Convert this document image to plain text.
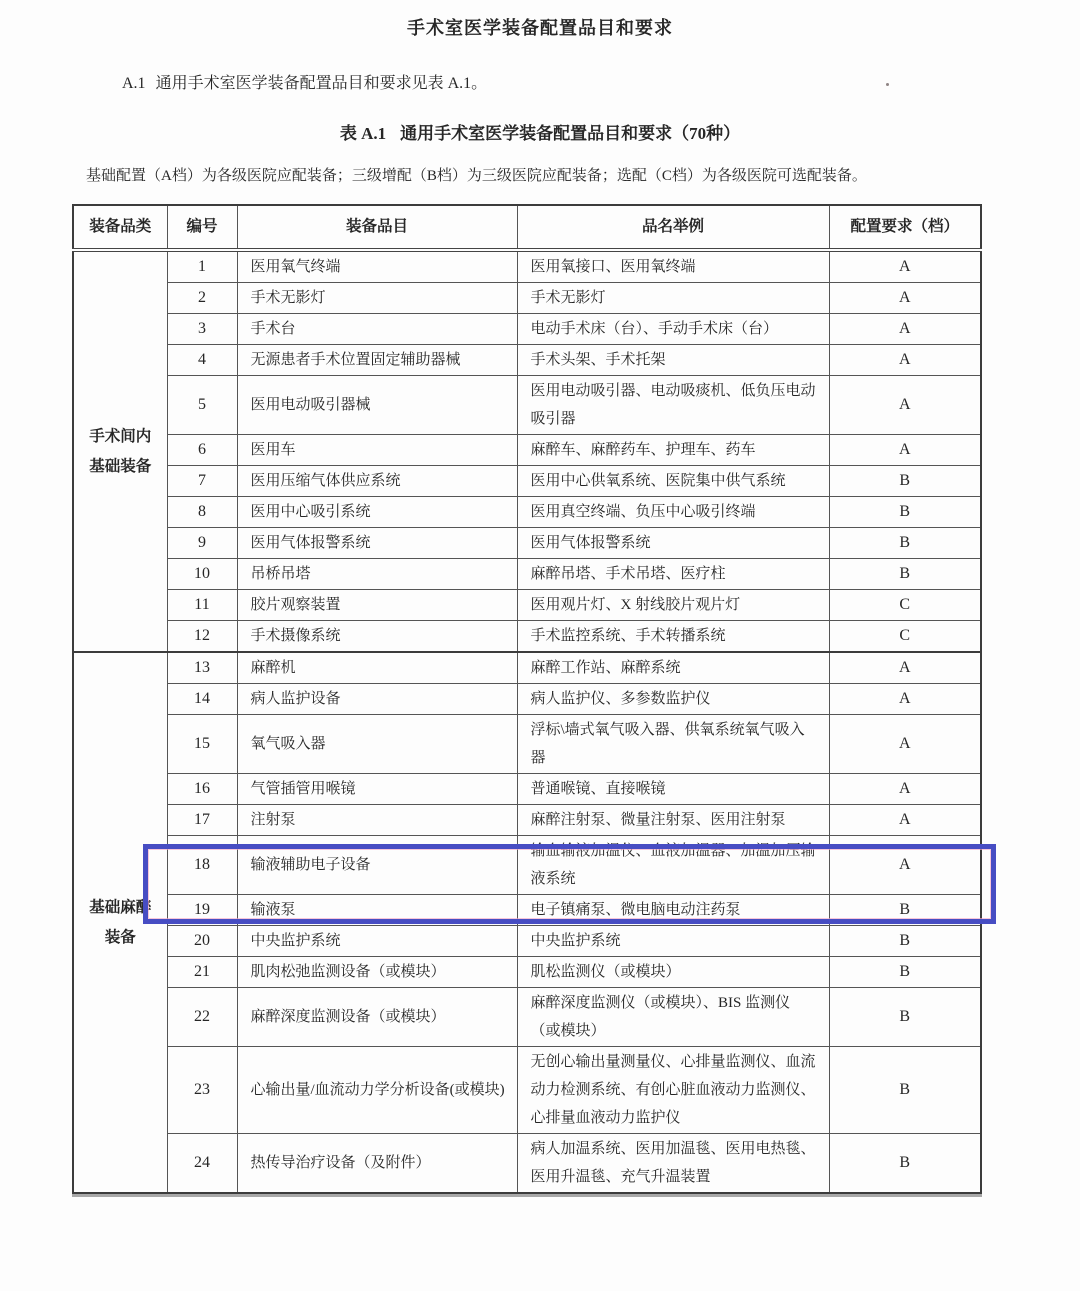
手术室医学装备配置品目和要求
A.1 通用手术室医学装备配置品目和要求见表 A.1。
表 A.1 通用手术室医学装备配置品目和要求（70种）
基础配置（A档）为各级医院应配装备；三级增配（B档）为三级医院应配装备；选配（C档）为各级医院可选配装备。
装备品类	编号	装备品目	品名举例	配置要求（档）

手术间内
基础装备	1	医用氧气终端	医用氧接口、医用氧终端	A
	2	手术无影灯	手术无影灯	A
	3	手术台	电动手术床（台）、手动手术床（台）	A
	4	无源患者手术位置固定辅助器械	手术头架、手术托架	A
	5	医用电动吸引器械	医用电动吸引器、电动吸痰机、低负压电动吸引器	A
	6	医用车	麻醉车、麻醉药车、护理车、药车	A
	7	医用压缩气体供应系统	医用中心供氧系统、医院集中供气系统	B
	8	医用中心吸引系统	医用真空终端、负压中心吸引终端	B
	9	医用气体报警系统	医用气体报警系统	B
	10	吊桥吊塔	麻醉吊塔、手术吊塔、医疗柱	B
	11	胶片观察装置	医用观片灯、X 射线胶片观片灯	C
	12	手术摄像系统	手术监控系统、手术转播系统	C

基础麻醉
装备	13	麻醉机	麻醉工作站、麻醉系统	A
	14	病人监护设备	病人监护仪、多参数监护仪	A
	15	氧气吸入器	浮标\墙式氧气吸入器、供氧系统氧气吸入器	A
	16	气管插管用喉镜	普通喉镜、直接喉镜	A
	17	注射泵	麻醉注射泵、微量注射泵、医用注射泵	A
	18	输液辅助电子设备	输血输液加温仪、血液加温器、加温加压输液系统	A
	19	输液泵	电子镇痛泵、微电脑电动注药泵	B
	20	中央监护系统	中央监护系统	B
	21	肌肉松弛监测设备（或模块）	肌松监测仪（或模块）	B
	22	麻醉深度监测设备（或模块）	麻醉深度监测仪（或模块）、BIS 监测仪（或模块）	B
	23	心输出量/血流动力学分析设备(或模块)	无创心输出量测量仪、心排量监测仪、血流动力检测系统、有创心脏血液动力监测仪、心排量血液动力监护仪	B
	24	热传导治疗设备（及附件）	病人加温系统、医用加温毯、医用电热毯、医用升温毯、充气升温装置	B
